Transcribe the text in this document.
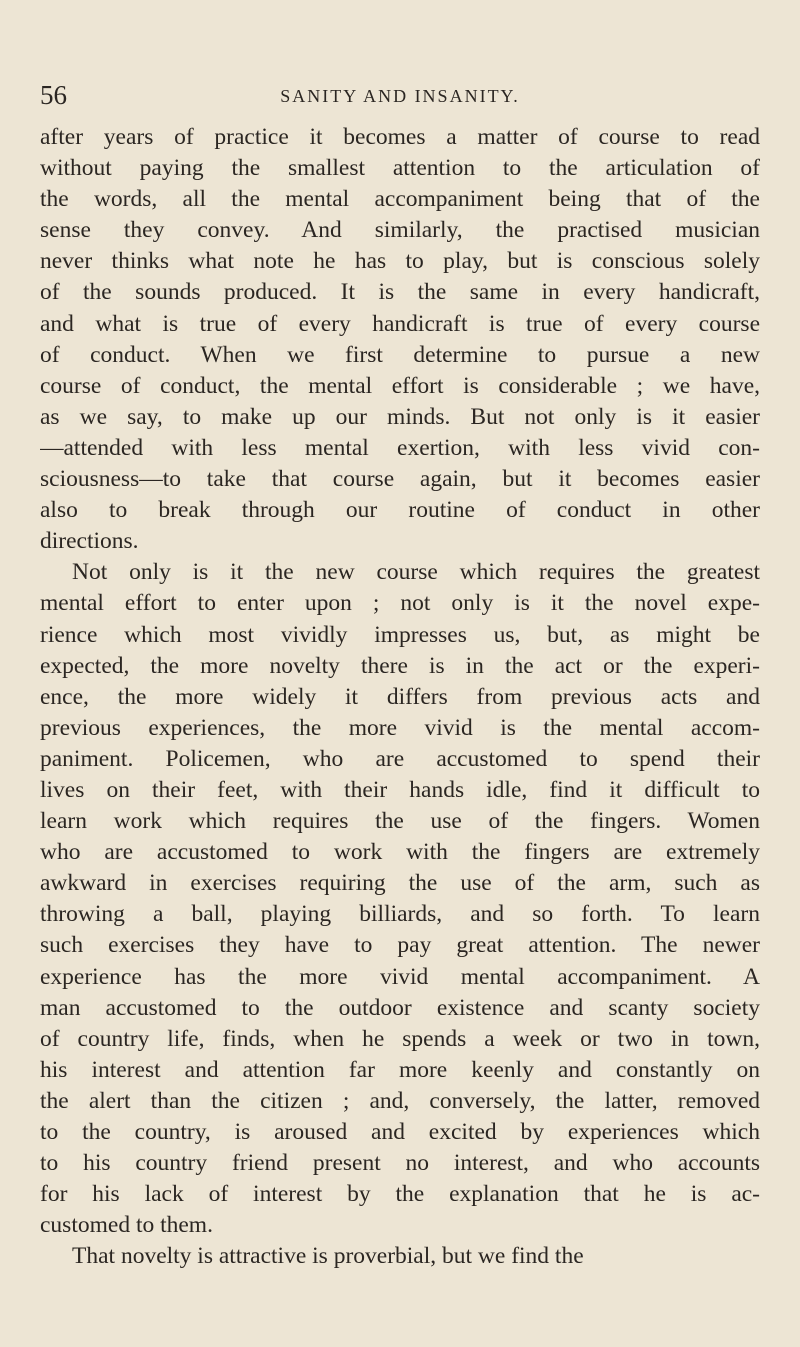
56	SANITY AND INSANITY.
after years of practice it becomes a matter of course to read
without paying the smallest attention to the articulation of
the words, all the mental accompaniment being that of the
sense they convey. And similarly, the practised musician
never thinks what note he has to play, but is conscious solely
of the sounds produced. It is the same in every handicraft,
and what is true of every handicraft is true of every course
of conduct. When we first determine to pursue a new
course of conduct, the mental effort is considerable ; we have,
as we say, to make up our minds. But not only is it easier
—attended with less mental exertion, with less vivid con-
sciousness—to take that course again, but it becomes easier
also to break through our routine of conduct in other
directions.
Not only is it the new course which requires the greatest
mental effort to enter upon ; not only is it the novel expe-
rience which most vividly impresses us, but, as might be
expected, the more novelty there is in the act or the experi-
ence, the more widely it differs from previous acts and
previous experiences, the more vivid is the mental accom-
paniment. Policemen, who are accustomed to spend their
lives on their feet, with their hands idle, find it difficult to
learn work which requires the use of the fingers. Women
who are accustomed to work with the fingers are extremely
awkward in exercises requiring the use of the arm, such as
throwing a ball, playing billiards, and so forth. To learn
such exercises they have to pay great attention. The newer
experience has the more vivid mental accompaniment. A
man accustomed to the outdoor existence and scanty society
of country life, finds, when he spends a week or two in town,
his interest and attention far more keenly and constantly on
the alert than the citizen ; and, conversely, the latter, removed
to the country, is aroused and excited by experiences which
to his country friend present no interest, and who accounts
for his lack of interest by the explanation that he is ac-
customed to them.
That novelty is attractive is proverbial, but we find the
